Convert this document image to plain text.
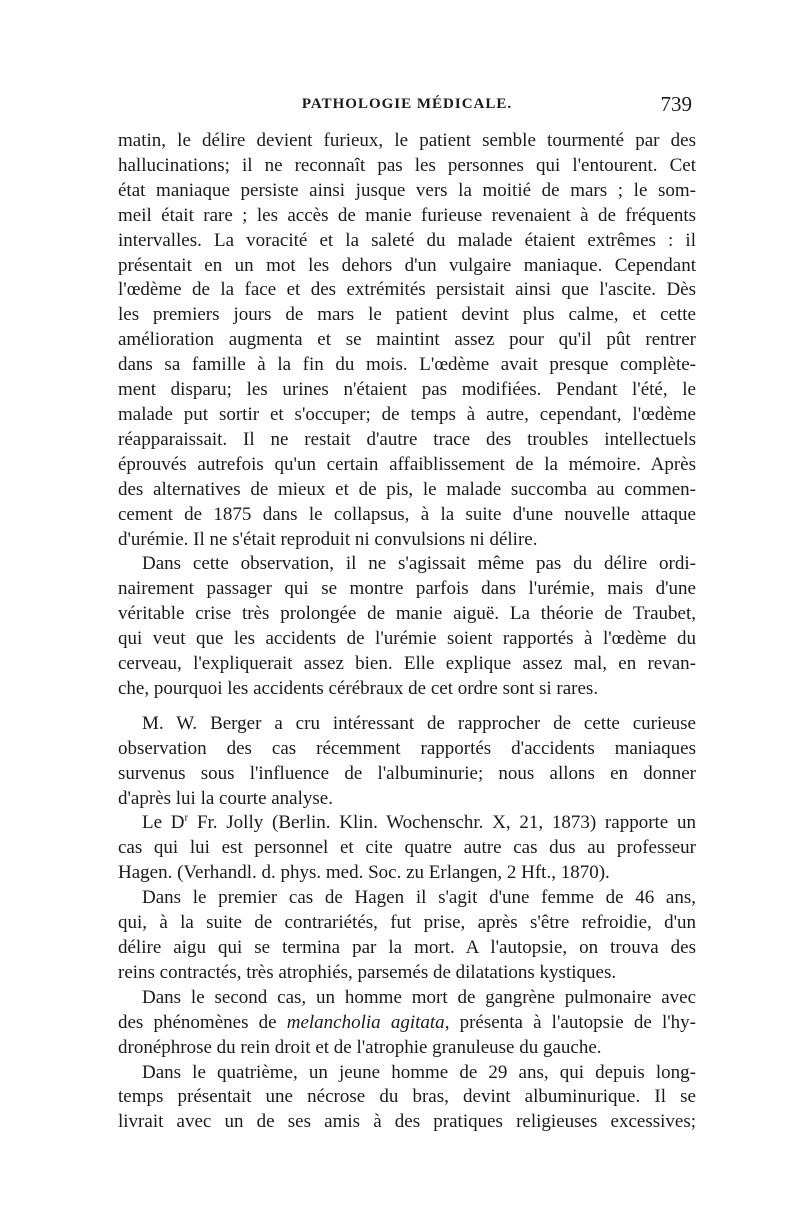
PATHOLOGIE MÉDICALE.	739

matin, le délire devient furieux, le patient semble tourmenté par des
hallucinations; il ne reconnaît pas les personnes qui l'entourent. Cet
état maniaque persiste ainsi jusque vers la moitié de mars ; le som-
meil était rare ; les accès de manie furieuse revenaient à de fréquents
intervalles. La voracité et la saleté du malade étaient extrêmes : il
présentait en un mot les dehors d'un vulgaire maniaque. Cependant
l'œdème de la face et des extrémités persistait ainsi que l'ascite. Dès
les premiers jours de mars le patient devint plus calme, et cette
amélioration augmenta et se maintint assez pour qu'il pût rentrer
dans sa famille à la fin du mois. L'œdème avait presque complète-
ment disparu; les urines n'étaient pas modifiées. Pendant l'été, le
malade put sortir et s'occuper; de temps à autre, cependant, l'œdème
réapparaissait. Il ne restait d'autre trace des troubles intellectuels
éprouvés autrefois qu'un certain affaiblissement de la mémoire. Après
des alternatives de mieux et de pis, le malade succomba au commen-
cement de 1875 dans le collapsus, à la suite d'une nouvelle attaque
d'urémie. Il ne s'était reproduit ni convulsions ni délire.

Dans cette observation, il ne s'agissait même pas du délire ordi-

nairement passager qui se montre parfois dans l'urémie, mais d'une
véritable crise très prolongée de manie aiguë. La théorie de Traubet,
qui veut que les accidents de l'urémie soient rapportés à l'œdème du
cerveau, l'expliquerait assez bien. Elle explique assez mal, en revan-
che, pourquoi les accidents cérébraux de cet ordre sont si rares.

M. W. Berger a cru intéressant de rapprocher de cette curieuse

observation des cas récemment rapportés d'accidents maniaques
survenus sous l'influence de l'albuminurie; nous allons en donner
d'après lui la courte analyse.

Le $D^r$ Fr. Jolly (Berlin. Klin. Wochenschr. X, 21, 1873) rapporte un

cas qui lui est personnel et cite quatre autre cas dus au professeur
Hagen. (Verhandl. d. phys. med. Soc. zu Erlangen, 2 Hft., 1870).

Dans le premier cas de Hagen il s'agit d'une femme de 46 ans,

qui, à la suite de contrariétés, fut prise, après s'être refroidie, d'un
délire aigu qui se termina par la mort. A l'autopsie, on trouva des
reins contractés, très atrophiés, parsemés de dilatations kystiques.

Dans le second cas, un homme mort de gangrène pulmonaire avec

des phénomènes de melancholia agitata, présenta à l'autopsie de l'hy-
dronéphrose du rein droit et de l'atrophie granuleuse du gauche.

Dans le quatrième, un jeune homme de 29 ans, qui depuis long-

temps présentait une nécrose du bras, devint albuminurique. Il se
livrait avec un de ses amis à des pratiques religieuses excessives;
